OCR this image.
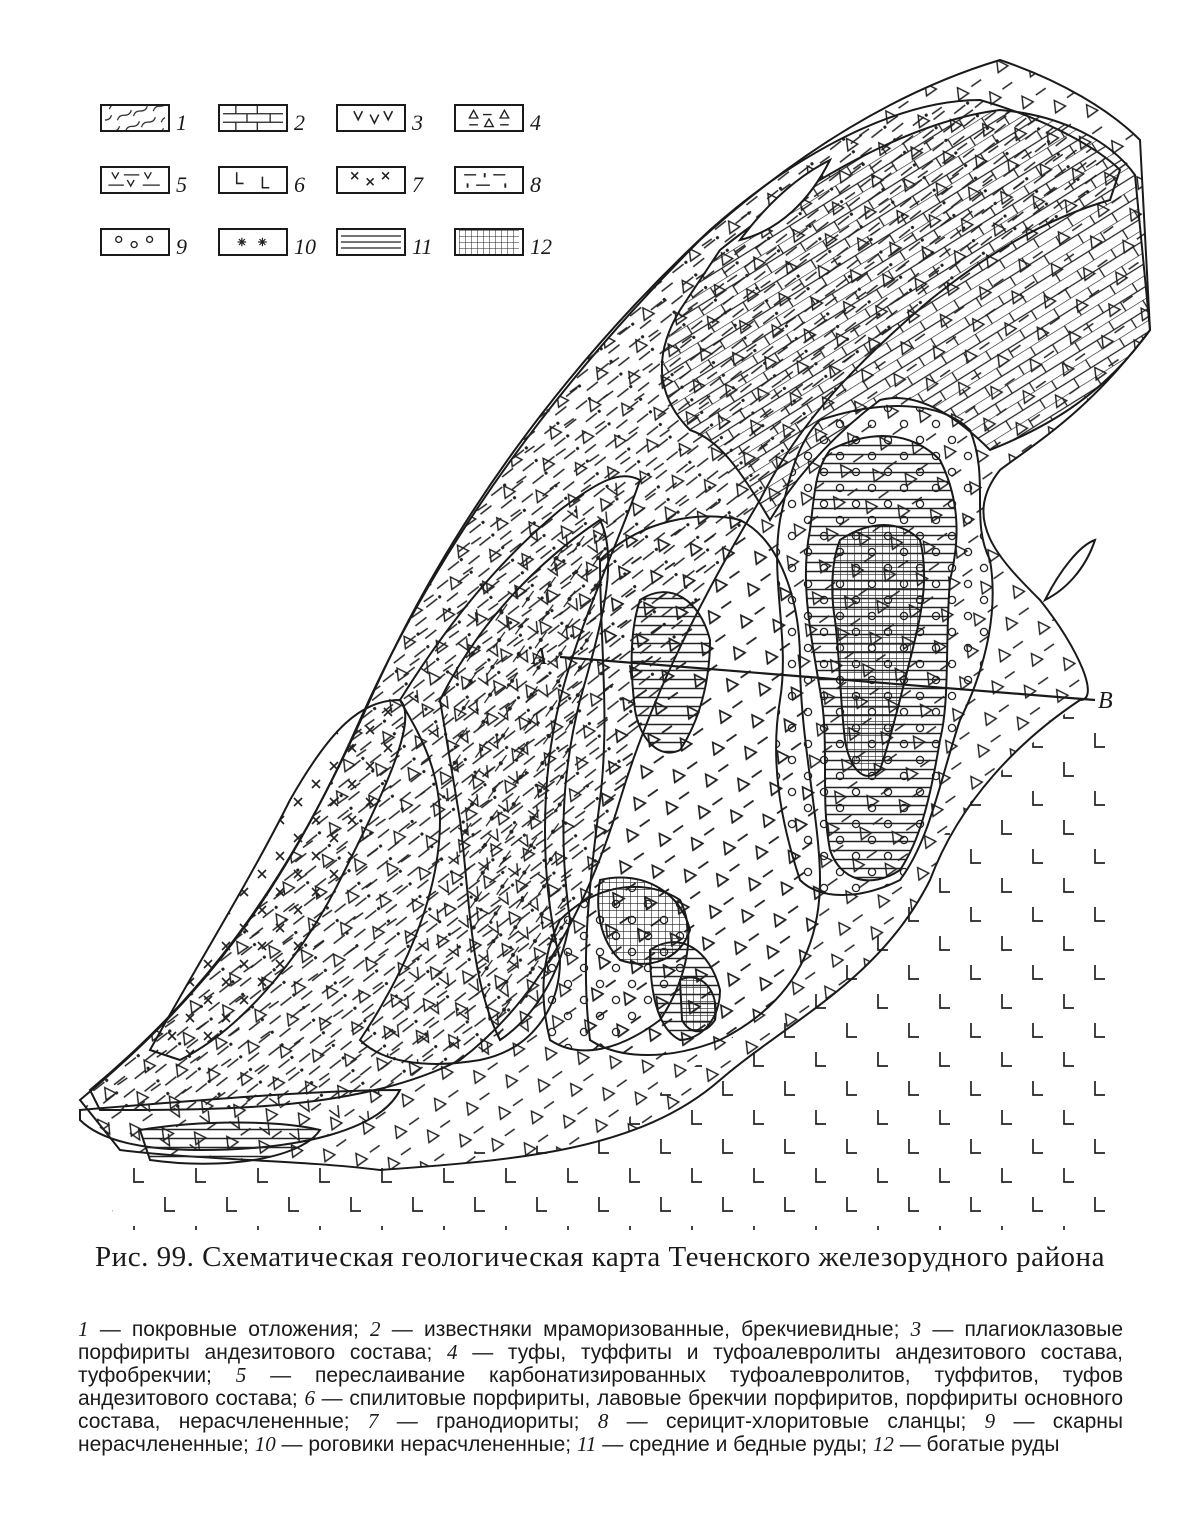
A
B
1	2	3	4
5	6	7	8
9	10	11	12
Рис. 99. Схематическая геологическая карта Теченского железорудного района
1 — покровные отложения; 2 — известняки мраморизованные, брекчиевидные; 3 — плагиоклазовые порфириты андезитового состава; 4 — туфы, туффиты и туфоалевролиты андезитового состава, туфобрекчии; 5 — переслаивание карбонатизированных туфоалевролитов, туффитов, туфов андезитового состава; 6 — спилитовые порфириты, лавовые брекчии порфиритов, порфириты основного состава, нерасчлененные; 7 — гранодиориты; 8 — серицит-хлоритовые сланцы; 9 — скарны нерасчлененные; 10 — роговики нерасчлененные; 11 — средние и бедные руды; 12 — богатые руды
